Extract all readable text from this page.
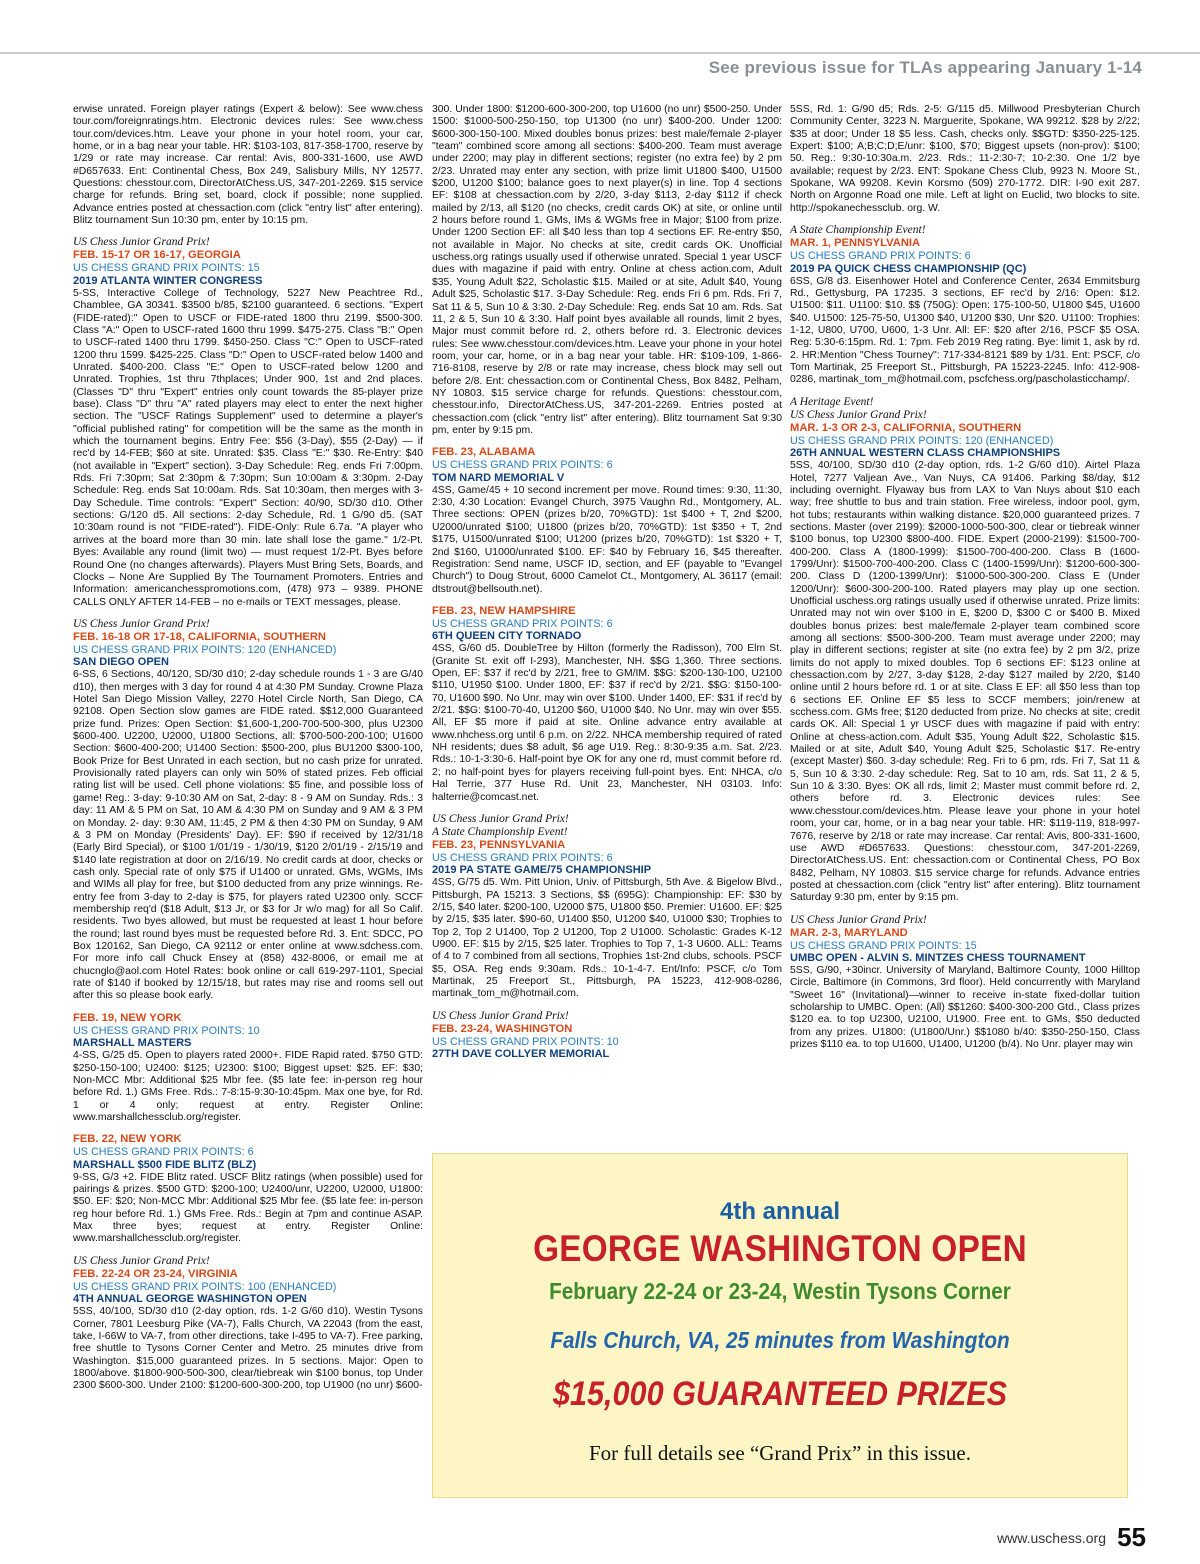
See previous issue for TLAs appearing January 1-14

erwise unrated. Foreign player ratings (Expert & below): See www.chess tour.com/foreignratings.htm. Electronic devices rules: See www.chess tour.com/devices.htm. Leave your phone in your hotel room, your car, home, or in a bag near your table. HR: $103-103, 817-358-1700, reserve by 1/29 or rate may increase. Car rental: Avis, 800-331-1600, use AWD #D657633. Ent: Continental Chess, Box 249, Salisbury Mills, NY 12577. Questions: chesstour.com, DirectorAtChess.US, 347-201-2269. $15 service charge for refunds. Bring set, board, clock if possible; none supplied. Advance entries posted at chessaction.com (click "entry list" after entering). Blitz tournament Sun 10:30 pm, enter by 10:15 pm.

US Chess Junior Grand Prix!

FEB. 15-17 OR 16-17, GEORGIA

US CHESS GRAND PRIX POINTS: 15

2019 ATLANTA WINTER CONGRESS

5-SS, Interactive College of Technology, 5227 New Peachtree Rd., Chamblee, GA 30341. $3500 b/85, $2100 guaranteed. 6 sections. "Expert (FIDE-rated):" Open to USCF or FIDE-rated 1800 thru 2199. $500-300. Class "A:" Open to USCF-rated 1600 thru 1999. $475-275. Class "B:" Open to USCF-rated 1400 thru 1799. $450-250. Class "C:" Open to USCF-rated 1200 thru 1599. $425-225. Class "D:" Open to USCF-rated below 1400 and Unrated. $400-200. Class "E:" Open to USCF-rated below 1200 and Unrated. Trophies, 1st thru 7thplaces; Under 900, 1st and 2nd places. (Classes "D" thru "Expert" entries only count towards the 85-player prize base). Class "D" thru "A" rated players may elect to enter the next higher section. The "USCF Ratings Supplement" used to determine a player's "official published rating" for competition will be the same as the month in which the tournament begins. Entry Fee: $56 (3-Day), $55 (2-Day) — if rec'd by 14-FEB; $60 at site. Unrated: $35. Class "E:" $30. Re-Entry: $40 (not available in "Expert" section). 3-Day Schedule: Reg. ends Fri 7:00pm. Rds. Fri 7:30pm; Sat 2:30pm & 7:30pm; Sun 10:00am & 3:30pm. 2-Day Schedule: Reg. ends Sat 10:00am. Rds. Sat 10:30am, then merges with 3-Day Schedule. Time controls: "Expert" Section: 40/90, SD/30 d10. Other sections: G/120 d5. All sections: 2-day Schedule, Rd. 1 G/90 d5. (SAT 10:30am round is not "FIDE-rated"). FIDE-Only: Rule 6.7a. "A player who arrives at the board more than 30 min. late shall lose the game." 1/2-Pt. Byes: Available any round (limit two) — must request 1/2-Pt. Byes before Round One (no changes afterwards). Players Must Bring Sets, Boards, and Clocks – None Are Supplied By The Tournament Promoters. Entries and Information: americanchesspromotions.com, (478) 973 – 9389. PHONE CALLS ONLY AFTER 14-FEB – no e-mails or TEXT messages, please.

US Chess Junior Grand Prix!

FEB. 16-18 OR 17-18, CALIFORNIA, SOUTHERN

US CHESS GRAND PRIX POINTS: 120 (ENHANCED)

SAN DIEGO OPEN

6-SS, 6 Sections, 40/120, SD/30 d10; 2-day schedule rounds 1 - 3 are G/40 d10), then merges with 3 day for round 4 at 4:30 PM Sunday. Crowne Plaza Hotel San Diego Mission Valley, 2270 Hotel Circle North, San Diego, CA 92108. Open Section slow games are FIDE rated. $$12,000 Guaranteed prize fund. Prizes: Open Section: $1,600-1,200-700-500-300, plus U2300 $600-400. U2200, U2000, U1800 Sections, all: $700-500-200-100; U1600 Section: $600-400-200; U1400 Section: $500-200, plus BU1200 $300-100, Book Prize for Best Unrated in each section, but no cash prize for unrated. Provisionally rated players can only win 50% of stated prizes. Feb official rating list will be used. Cell phone violations: $5 fine, and possible loss of game! Reg.: 3-day: 9-10:30 AM on Sat, 2-day: 8 - 9 AM on Sunday. Rds.: 3 day: 11 AM & 5 PM on Sat, 10 AM & 4:30 PM on Sunday and 9 AM & 3 PM on Monday. 2- day: 9:30 AM, 11:45, 2 PM & then 4:30 PM on Sunday, 9 AM & 3 PM on Monday (Presidents' Day). EF: $90 if received by 12/31/18 (Early Bird Special), or $100 1/01/19 - 1/30/19, $120 2/01/19 - 2/15/19 and $140 late registration at door on 2/16/19. No credit cards at door, checks or cash only. Special rate of only $75 if U1400 or unrated. GMs, WGMs, IMs and WIMs all play for free, but $100 deducted from any prize winnings. Re-entry fee from 3-day to 2-day is $75, for players rated U2300 only. SCCF membership req'd ($18 Adult, $13 Jr, or $3 for Jr w/o mag) for all So Calif. residents. Two byes allowed, but must be requested at least 1 hour before the round; last round byes must be requested before Rd. 3. Ent: SDCC, PO Box 120162, San Diego, CA 92112 or enter online at www.sdchess.com. For more info call Chuck Ensey at (858) 432-8006, or email me at chucnglo@aol.com Hotel Rates: book online or call 619-297-1101, Special rate of $140 if booked by 12/15/18, but rates may rise and rooms sell out after this so please book early.

FEB. 19, NEW YORK

US CHESS GRAND PRIX POINTS: 10

MARSHALL MASTERS

4-SS, G/25 d5. Open to players rated 2000+. FIDE Rapid rated. $750 GTD: $250-150-100; U2400: $125; U2300: $100; Biggest upset: $25. EF: $30; Non-MCC Mbr: Additional $25 Mbr fee. ($5 late fee: in-person reg hour before Rd. 1.) GMs Free. Rds.: 7-8:15-9:30-10:45pm. Max one bye, for Rd. 1 or 4 only; request at entry. Register Online: www.marshallchessclub.org/register.

FEB. 22, NEW YORK

US CHESS GRAND PRIX POINTS: 6

MARSHALL $500 FIDE BLITZ (BLZ)

9-SS, G/3 +2. FIDE Blitz rated. USCF Blitz ratings (when possible) used for pairings & prizes. $500 GTD: $200-100; U2400/unr, U2200, U2000, U1800: $50. EF: $20; Non-MCC Mbr: Additional $25 Mbr fee. ($5 late fee: in-person reg hour before Rd. 1.) GMs Free. Rds.: Begin at 7pm and continue ASAP. Max three byes; request at entry. Register Online: www.marshallchessclub.org/register.

US Chess Junior Grand Prix!

FEB. 22-24 OR 23-24, VIRGINIA

US CHESS GRAND PRIX POINTS: 100 (ENHANCED)

4TH ANNUAL GEORGE WASHINGTON OPEN

5SS, 40/100, SD/30 d10 (2-day option, rds. 1-2 G/60 d10). Westin Tysons Corner, 7801 Leesburg Pike (VA-7), Falls Church, VA 22043 (from the east, take, I-66W to VA-7, from other directions, take I-495 to VA-7). Free parking, free shuttle to Tysons Corner Center and Metro. 25 minutes drive from Washington. $15,000 guaranteed prizes. In 5 sections. Major: Open to 1800/above. $1800-900-500-300, clear/tiebreak win $100 bonus, top Under 2300 $600-300. Under 2100: $1200-600-300-200, top U1900 (no unr) $600-

300. Under 1800: $1200-600-300-200, top U1600 (no unr) $500-250. Under 1500: $1000-500-250-150, top U1300 (no unr) $400-200. Under 1200: $600-300-150-100. Mixed doubles bonus prizes: best male/female 2-player "team" combined score among all sections: $400-200. Team must average under 2200; may play in different sections; register (no extra fee) by 2 pm 2/23. Unrated may enter any section, with prize limit U1800 $400, U1500 $200, U1200 $100; balance goes to next player(s) in line. Top 4 sections EF: $108 at chessaction.com by 2/20, 3-day $113, 2-day $112 if check mailed by 2/13, all $120 (no checks, credit cards OK) at site, or online until 2 hours before round 1. GMs, IMs & WGMs free in Major; $100 from prize. Under 1200 Section EF: all $40 less than top 4 sections EF. Re-entry $50, not available in Major. No checks at site, credit cards OK. Unofficial uschess.org ratings usually used if otherwise unrated. Special 1 year USCF dues with magazine if paid with entry. Online at chess action.com, Adult $35, Young Adult $22, Scholastic $15. Mailed or at site, Adult $40, Young Adult $25, Scholastic $17. 3-Day Schedule: Reg. ends Fri 6 pm. Rds. Fri 7, Sat 11 & 5, Sun 10 & 3:30. 2-Day Schedule: Reg. ends Sat 10 am. Rds. Sat 11, 2 & 5, Sun 10 & 3:30. Half point byes available all rounds, limit 2 byes, Major must commit before rd. 2, others before rd. 3. Electronic devices rules: See www.chesstour.com/devices.htm. Leave your phone in your hotel room, your car, home, or in a bag near your table. HR: $109-109, 1-866-716-8108, reserve by 2/8 or rate may increase, chess block may sell out before 2/8. Ent: chessaction.com or Continental Chess, Box 8482, Pelham, NY 10803. $15 service charge for refunds. Questions: chesstour.com, chesstour.info, DirectorAtChess.US, 347-201-2269. Entries posted at chessaction.com (click "entry list" after entering). Blitz tournament Sat 9:30 pm, enter by 9:15 pm.

FEB. 23, ALABAMA

US CHESS GRAND PRIX POINTS: 6

TOM NARD MEMORIAL V

4SS, Game/45 + 10 second increment per move. Round times: 9:30, 11:30, 2:30, 4:30 Location: Evangel Church, 3975 Vaughn Rd., Montgomery, AL. Three sections: OPEN (prizes b/20, 70%GTD): 1st $400 + T, 2nd $200, U2000/unrated $100; U1800 (prizes b/20, 70%GTD): 1st $350 + T, 2nd $175, U1500/unrated $100; U1200 (prizes b/20, 70%GTD): 1st $320 + T, 2nd $160, U1000/unrated $100. EF: $40 by February 16, $45 thereafter. Registration: Send name, USCF ID, section, and EF (payable to "Evangel Church") to Doug Strout, 6000 Camelot Ct., Montgomery, AL 36117 (email: dtstrout@bellsouth.net).

FEB. 23, NEW HAMPSHIRE

US CHESS GRAND PRIX POINTS: 6

6TH QUEEN CITY TORNADO

4SS, G/60 d5. DoubleTree by Hilton (formerly the Radisson), 700 Elm St. (Granite St. exit off I-293), Manchester, NH. $$G 1,360. Three sections. Open, EF: $37 if rec'd by 2/21, free to GM/IM. $$G: $200-130-100, U2100 $110, U1950 $100. Under 1800, EF: $37 if rec'd by 2/21. $$G: $150-100-70, U1600 $90. No Unr. may win over $100. Under 1400, EF: $31 if rec'd by 2/21. $$G: $100-70-40, U1200 $60, U1000 $40. No Unr. may win over $55. All, EF $5 more if paid at site. Online advance entry available at www.nhchess.org until 6 p.m. on 2/22. NHCA membership required of rated NH residents; dues $8 adult, $6 age U19. Reg.: 8:30-9:35 a.m. Sat. 2/23. Rds.: 10-1-3:30-6. Half-point bye OK for any one rd, must commit before rd. 2; no half-point byes for players receiving full-point byes. Ent: NHCA, c/o Hal Terrie, 377 Huse Rd. Unit 23, Manchester, NH 03103. Info: halterrie@comcast.net.

US Chess Junior Grand Prix!

A State Championship Event!

FEB. 23, PENNSYLVANIA

US CHESS GRAND PRIX POINTS: 6

2019 PA STATE GAME/75 CHAMPIONSHIP

4SS, G/75 d5. Wm. Pitt Union, Univ. of Pittsburgh, 5th Ave. & Bigelow Blvd., Pittsburgh, PA 15213. 3 Sections, $$ (695G): Championship: EF: $30 by 2/15, $40 later. $200-100, U2000 $75, U1800 $50. Premier: U1600. EF: $25 by 2/15, $35 later. $90-60, U1400 $50, U1200 $40, U1000 $30; Trophies to Top 2, Top 2 U1400, Top 2 U1200, Top 2 U1000. Scholastic: Grades K-12 U900. EF: $15 by 2/15, $25 later. Trophies to Top 7, 1-3 U600. ALL: Teams of 4 to 7 combined from all sections, Trophies 1st-2nd clubs, schools. PSCF $5, OSA. Reg ends 9:30am. Rds.: 10-1-4-7. Ent/Info: PSCF, c/o Tom Martinak, 25 Freeport St., Pittsburgh, PA 15223, 412-908-0286, martinak_tom_m@hotmail.com.

US Chess Junior Grand Prix!

FEB. 23-24, WASHINGTON

US CHESS GRAND PRIX POINTS: 10

27TH DAVE COLLYER MEMORIAL

5SS, Rd. 1: G/90 d5; Rds. 2-5: G/115 d5. Millwood Presbyterian Church Community Center, 3223 N. Marguerite, Spokane, WA 99212. $28 by 2/22; $35 at door; Under 18 $5 less. Cash, checks only. $$GTD: $350-225-125. Expert: $100; A;B;C;D;E/unr: $100, $70; Biggest upsets (non-prov): $100; 50. Reg.: 9:30-10:30a.m. 2/23. Rds.: 11-2:30-7; 10-2:30. One 1/2 bye available; request by 2/23. ENT: Spokane Chess Club, 9923 N. Moore St., Spokane, WA 99208. Kevin Korsmo (509) 270-1772. DIR: I-90 exit 287. North on Argonne Road one mile. Left at light on Euclid, two blocks to site. http://spokanechessclub. org. W.

A State Championship Event!

MAR. 1, PENNSYLVANIA

US CHESS GRAND PRIX POINTS: 6

2019 PA QUICK CHESS CHAMPIONSHIP (QC)

6SS, G/8 d3. Eisenhower Hotel and Conference Center, 2634 Emmitsburg Rd., Gettysburg, PA 17235. 3 sections, EF rec'd by 2/16: Open: $12. U1500: $11. U1100: $10. $$ (750G): Open: 175-100-50, U1800 $45, U1600 $40. U1500: 125-75-50, U1300 $40, U1200 $30, Unr $20. U1100: Trophies: 1-12, U800, U700, U600, 1-3 Unr. All: EF: $20 after 2/16, PSCF $5 OSA. Reg: 5:30-6:15pm. Rd. 1: 7pm. Feb 2019 Reg rating. Bye: limit 1, ask by rd. 2. HR:Mention "Chess Tourney": 717-334-8121 $89 by 1/31. Ent: PSCF, c/o Tom Martinak, 25 Freeport St., Pittsburgh, PA 15223-2245. Info: 412-908-0286, martinak_tom_m@hotmail.com, pscfchess.org/pascholasticchamp/.

A Heritage Event!

US Chess Junior Grand Prix!

MAR. 1-3 OR 2-3, CALIFORNIA, SOUTHERN

US CHESS GRAND PRIX POINTS: 120 (ENHANCED)

26TH ANNUAL WESTERN CLASS CHAMPIONSHIPS

5SS, 40/100, SD/30 d10 (2-day option, rds. 1-2 G/60 d10). Airtel Plaza Hotel, 7277 Valjean Ave., Van Nuys, CA 91406. Parking $8/day, $12 including overnight. Flyaway bus from LAX to Van Nuys about $10 each way; free shuttle to bus and train station. Free wireless, indoor pool, gym, hot tubs; restaurants within walking distance. $20,000 guaranteed prizes. 7 sections. Master (over 2199): $2000-1000-500-300, clear or tiebreak winner $100 bonus, top U2300 $800-400. FIDE. Expert (2000-2199): $1500-700-400-200. Class A (1800-1999): $1500-700-400-200. Class B (1600-1799/Unr): $1500-700-400-200. Class C (1400-1599/Unr): $1200-600-300-200. Class D (1200-1399/Unr): $1000-500-300-200. Class E (Under 1200/Unr): $600-300-200-100. Rated players may play up one section. Unofficial uschess.org ratings usually used if otherwise unrated. Prize limits: Unrated may not win over $100 in E, $200 D, $300 C or $400 B. Mixed doubles bonus prizes: best male/female 2-player team combined score among all sections: $500-300-200. Team must average under 2200; may play in different sections; register at site (no extra fee) by 2 pm 3/2, prize limits do not apply to mixed doubles. Top 6 sections EF: $123 online at chessaction.com by 2/27, 3-day $128, 2-day $127 mailed by 2/20, $140 online until 2 hours before rd. 1 or at site. Class E EF: all $50 less than top 6 sections EF. Online EF $5 less to SCCF members; join/renew at scchess.com. GMs free; $120 deducted from prize. No checks at site; credit cards OK. All: Special 1 yr USCF dues with magazine if paid with entry: Online at chess-action.com. Adult $35, Young Adult $22, Scholastic $15. Mailed or at site, Adult $40, Young Adult $25, Scholastic $17. Re-entry (except Master) $60. 3-day schedule: Reg. Fri to 6 pm, rds. Fri 7, Sat 11 & 5, Sun 10 & 3:30. 2-day schedule: Reg. Sat to 10 am, rds. Sat 11, 2 & 5, Sun 10 & 3:30. Byes: OK all rds, limit 2; Master must commit before rd. 2, others before rd. 3. Electronic devices rules: See www.chesstour.com/devices.htm. Please leave your phone in your hotel room, your car, home, or in a bag near your table. HR: $119-119, 818-997-7676, reserve by 2/18 or rate may increase. Car rental: Avis, 800-331-1600, use AWD #D657633. Questions: chesstour.com, 347-201-2269, DirectorAtChess.US. Ent: chessaction.com or Continental Chess, PO Box 8482, Pelham, NY 10803. $15 service charge for refunds. Advance entries posted at chessaction.com (click "entry list" after entering). Blitz tournament Saturday 9:30 pm, enter by 9:15 pm.

US Chess Junior Grand Prix!

MAR. 2-3, MARYLAND

US CHESS GRAND PRIX POINTS: 15

UMBC OPEN - ALVIN S. MINTZES CHESS TOURNAMENT

5SS, G/90, +30incr. University of Maryland, Baltimore County, 1000 Hilltop Circle, Baltimore (in Commons, 3rd floor). Held concurrently with Maryland "Sweet 16" (Invitational)—winner to receive in-state fixed-dollar tuition scholarship to UMBC. Open: (All) $$1260: $400-300-200 Gtd., Class prizes $120 ea. to top U2300, U2100, U1900. Free ent. to GMs, $50 deducted from any prizes. U1800: (U1800/Unr.) $$1080 b/40: $350-250-150, Class prizes $110 ea. to top U1600, U1400, U1200 (b/4). No Unr. player may win

4th annual
GEORGE WASHINGTON OPEN
February 22-24 or 23-24, Westin Tysons Corner
Falls Church, VA, 25 minutes from Washington
$15,000 GUARANTEED PRIZES
For full details see “Grand Prix” in this issue.
www.uschess.org 55
